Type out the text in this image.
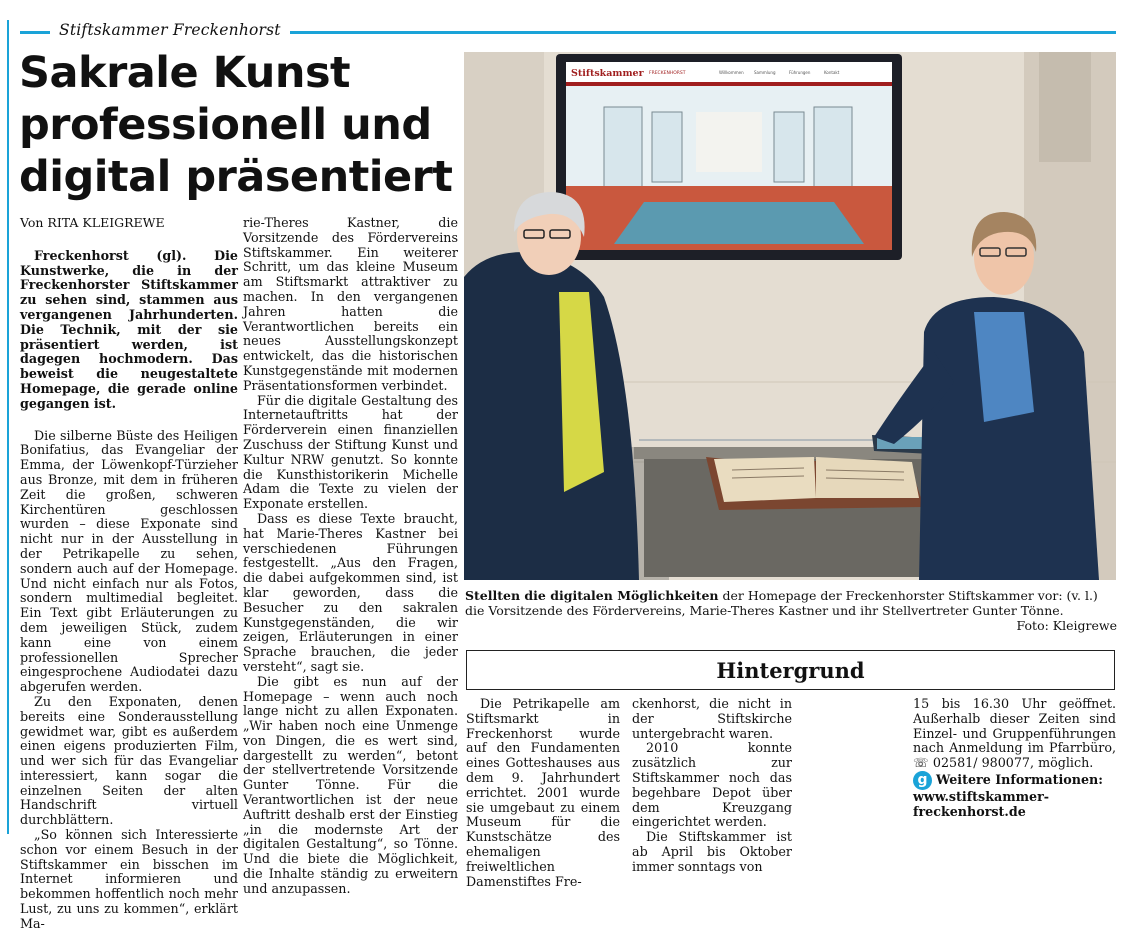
Stiftskammer Freckenhorst
Sakrale Kunst professionell und digital präsentiert

Von RITA KLEIGREWE

Freckenhorst (gl). Die Kunstwerke, die in der Freckenhorster Stiftskammer zu sehen sind, stammen aus vergangenen Jahrhunderten. Die Technik, mit der sie präsentiert werden, ist dagegen hochmodern. Das beweist die neugestaltete Homepage, die gerade online gegangen ist.

Die silberne Büste des Heiligen Bonifatius, das Evangeliar der Emma, der Löwenkopf-Türzieher aus Bronze, mit dem in früheren Zeit die großen, schweren Kirchentüren geschlossen wurden – diese Exponate sind nicht nur in der Ausstellung in der Petrikapelle zu sehen, sondern auch auf der Homepage. Und nicht einfach nur als Fotos, sondern multimedial begleitet. Ein Text gibt Erläuterungen zu dem jeweiligen Stück, zudem kann eine von einem professionellen Sprecher eingesprochene Audiodatei dazu abgerufen werden.

Zu den Exponaten, denen bereits eine Sonderausstellung gewidmet war, gibt es außerdem einen eigens produzierten Film, und wer sich für das Evangeliar interessiert, kann sogar die einzelnen Seiten der alten Handschrift virtuell durchblättern.

„So können sich Interessierte schon vor einem Besuch in der Stiftskammer ein bisschen im Internet informieren und bekommen hoffentlich noch mehr Lust, zu uns zu kommen“, erklärt Ma-

rie-Theres Kastner, die Vorsitzende des Fördervereins Stiftskammer. Ein weiterer Schritt, um das kleine Museum am Stiftsmarkt attraktiver zu machen. In den vergangenen Jahren hatten die Verantwortlichen bereits ein neues Ausstellungskonzept entwickelt, das die historischen Kunstgegenstände mit modernen Präsentationsformen verbindet.

Für die digitale Gestaltung des Internetauftritts hat der Förderverein einen finanziellen Zuschuss der Stiftung Kunst und Kultur NRW genutzt. So konnte die Kunsthistorikerin Michelle Adam die Texte zu vielen der Exponate erstellen.

Dass es diese Texte braucht, hat Marie-Theres Kastner bei verschiedenen Führungen festgestellt. „Aus den Fragen, die dabei aufgekommen sind, ist klar geworden, dass die Besucher zu den sakralen Kunstgegenständen, die wir zeigen, Erläuterungen in einer Sprache brauchen, die jeder versteht“, sagt sie.

Die gibt es nun auf der Homepage – wenn auch noch lange nicht zu allen Exponaten. „Wir haben noch eine Unmenge von Dingen, die es wert sind, dargestellt zu werden“, betont der stellvertretende Vorsitzende Gunter Tönne. Für die Verantwortlichen ist der neue Auftritt deshalb erst der Einstieg „in die modernste Art der digitalen Gestaltung“, so Tönne. Und die biete die Möglichkeit, die Inhalte ständig zu erweitern und anzupassen.

Stiftskammer FRECKENHORST	Willkommen	Sammlung	Führungen	Kontakt
Stellten die digitalen Möglichkeiten der Homepage der Freckenhorster Stiftskammer vor: (v. l.) die Vorsitzende des Fördervereins, Marie-Theres Kastner und ihr Stellvertreter Gunter Tönne.
Foto: Kleigrewe
Hintergrund

Die Petrikapelle am Stiftsmarkt in Freckenhorst wurde auf den Fundamenten eines Gotteshauses aus dem 9. Jahrhundert errichtet. 2001 wurde sie umgebaut zu einem Museum für die Kunstschätze des ehemaligen freiweltlichen Damenstiftes Fre-

ckenhorst, die nicht in der Stiftskirche untergebracht waren.

2010 konnte zusätzlich zur Stiftskammer noch das begehbare Depot über dem Kreuzgang eingerichtet werden.

Die Stiftskammer ist ab April bis Oktober immer sonntags von

15 bis 16.30 Uhr geöffnet. Außerhalb dieser Zeiten sind Einzel- und Gruppenführungen nach Anmeldung im Pfarrbüro, ☏ 02581/ 980077, möglich.

g Weitere Informationen:
www.stiftskammer-freckenhorst.de
